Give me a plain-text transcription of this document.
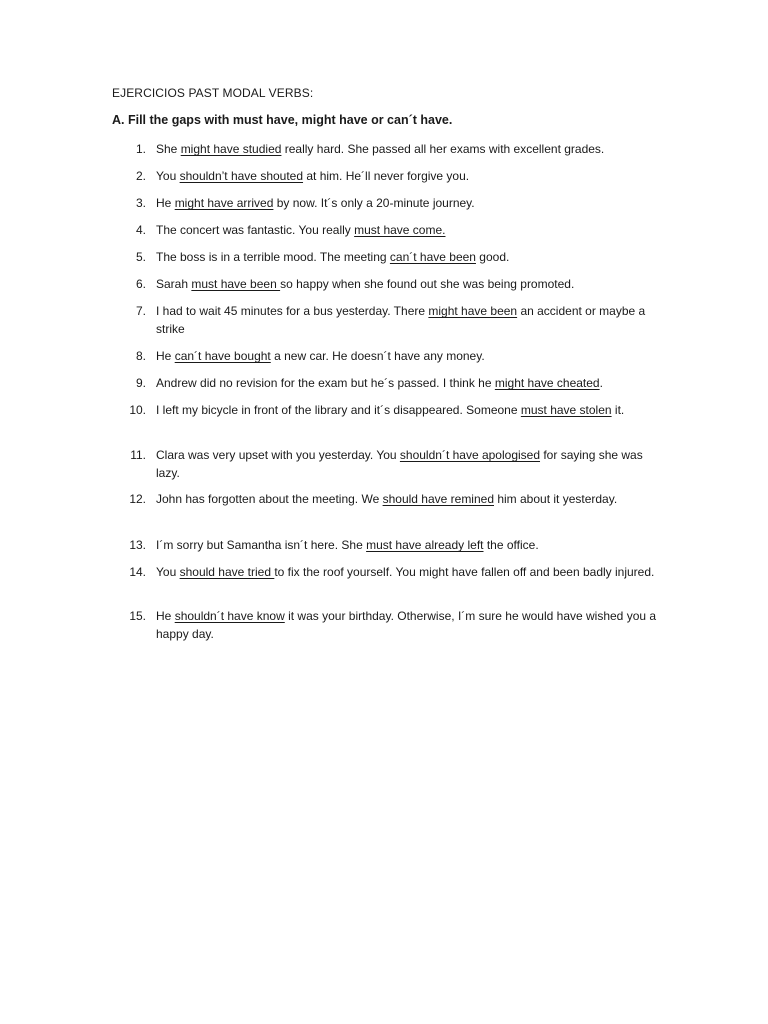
EJERCICIOS PAST MODAL VERBS:
A. Fill the gaps with must have, might have or can´t have.
1. She might have studied really hard. She passed all her exams with excellent grades.
2. You shouldn’t have shouted at him. He´ll never forgive you.
3. He might have arrived by now. It´s only a 20-minute journey.
4. The concert was fantastic. You really must have come.
5. The boss is in a terrible mood. The meeting can´t have been good.
6. Sarah must have been so happy when she found out she was being promoted.
7. I had to wait 45 minutes for a bus yesterday. There might have been an accident or maybe a strike
8. He can´t have bought a new car. He doesn´t have any money.
9. Andrew did no revision for the exam but he´s passed. I think he might have cheated.
10. I left my bicycle in front of the library and it´s disappeared. Someone must have stolen it.
11. Clara was very upset with you yesterday. You shouldn´t have apologised for saying she was lazy.
12. John has forgotten about the meeting. We should have remined him about it yesterday.
13. I´m sorry but Samantha isn´t here. She must have already left the office.
14. You should have tried to fix the roof yourself. You might have fallen off and been badly injured.
15. He shouldn´t have know it was your birthday. Otherwise, I´m sure he would have wished you a happy day.
